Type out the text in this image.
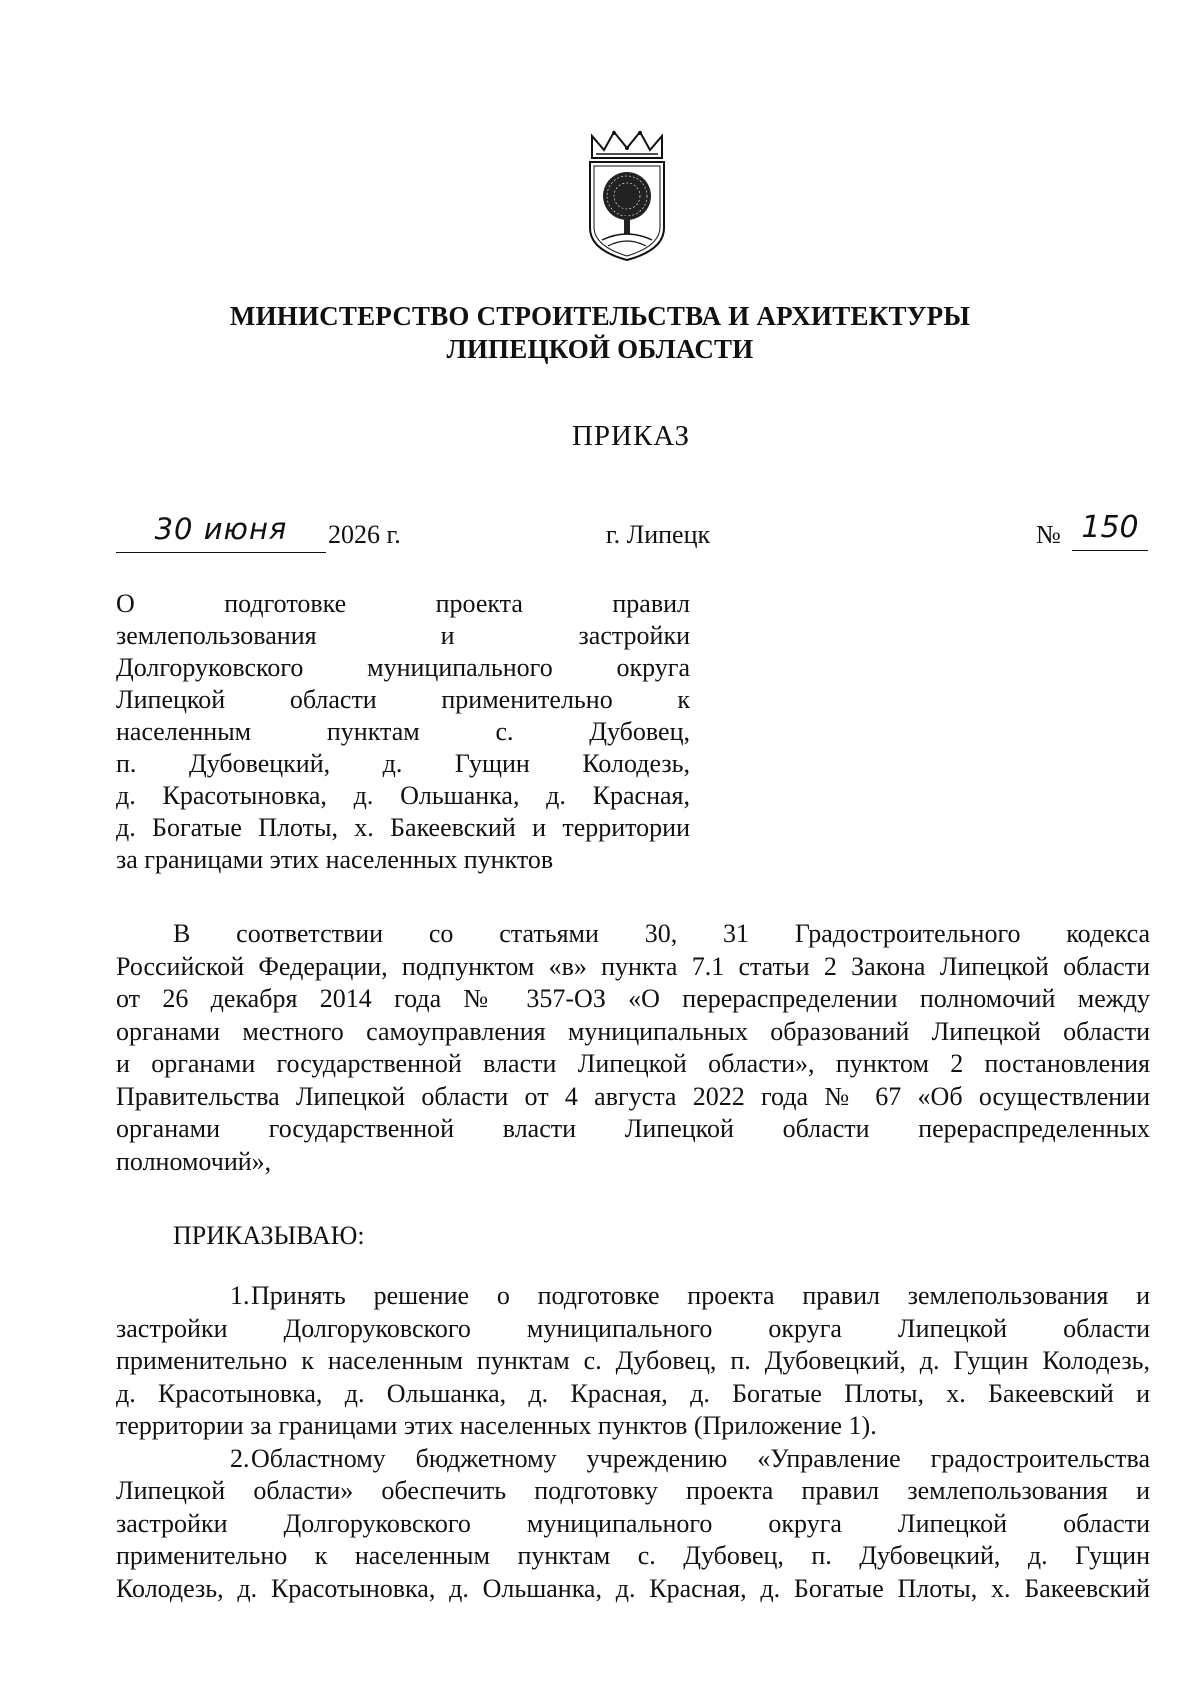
МИНИСТЕРСТВО СТРОИТЕЛЬСТВА И АРХИТЕКТУРЫ
ЛИПЕЦКОЙ ОБЛАСТИ
ПРИКАЗ
30 июня	2026 г.	г. Липецк	№ 150
О подготовке проекта правил
землепользования и застройки
Долгоруковского муниципального округа
Липецкой области применительно к
населенным пунктам с. Дубовец,
п. Дубовецкий, д. Гущин Колодезь,
д. Красотыновка, д. Ольшанка, д. Красная,
д. Богатые Плоты, х. Бакеевский и территории
за границами этих населенных пунктов
В соответствии со статьями 30, 31 Градостроительного кодекса
Российской Федерации, подпунктом «в» пункта 7.1 статьи 2 Закона Липецкой области
от 26 декабря 2014 года № 357-ОЗ «О перераспределении полномочий между
органами местного самоуправления муниципальных образований Липецкой области
и органами государственной власти Липецкой области», пунктом 2 постановления
Правительства Липецкой области от 4 августа 2022 года № 67 «Об осуществлении
органами государственной власти Липецкой области перераспределенных
полномочий»,
ПРИКАЗЫВАЮ:
1.Принять решение о подготовке проекта правил землепользования и
застройки Долгоруковского муниципального округа Липецкой области
применительно к населенным пунктам с. Дубовец, п. Дубовецкий, д. Гущин Колодезь,
д. Красотыновка, д. Ольшанка, д. Красная, д. Богатые Плоты, х. Бакеевский и
территории за границами этих населенных пунктов (Приложение 1).
2.Областному бюджетному учреждению «Управление градостроительства
Липецкой области» обеспечить подготовку проекта правил землепользования и
застройки Долгоруковского муниципального округа Липецкой области
применительно к населенным пунктам с. Дубовец, п. Дубовецкий, д. Гущин
Колодезь, д. Красотыновка, д. Ольшанка, д. Красная, д. Богатые Плоты, х. Бакеевский
